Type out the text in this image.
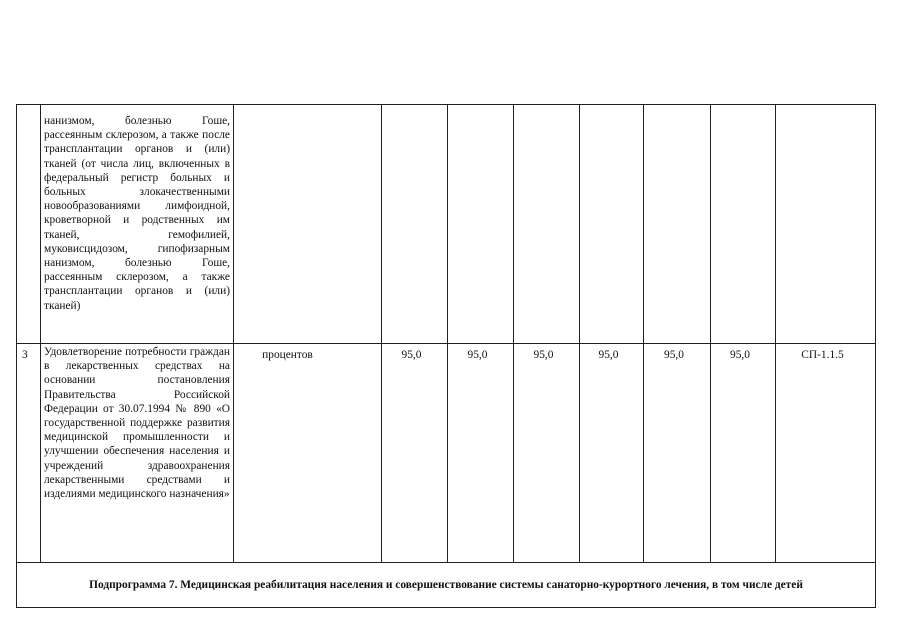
	нанизмом, болезнью Гоше, рассеянным склерозом, а также после трансплантации органов и (или) тканей (от числа лиц, включенных в федеральный регистр больных и больных злокачественными новообразованиями лимфоидной, кроветворной и родственных им тканей, гемофилией, муковисцидозом, гипофизарным нанизмом, болезнью Гоше, рассеянным склерозом, а также трансплантации органов и (или) тканей)								
3	Удовлетворение потребности граждан в лекарственных средствах на основании постановления Правительства Российской Федерации от 30.07.1994 № 890 «О государственной поддержке развития медицинской промышленности и улучшении обеспечения населения и учреждений здравоохранения лекарственными средствами и изделиями медицинского назначения»	процентов	95,0	95,0	95,0	95,0	95,0	95,0	СП-1.1.5
Подпрограмма 7. Медицинская реабилитация населения и совершенствование системы санаторно-курортного лечения, в том числе детей									
